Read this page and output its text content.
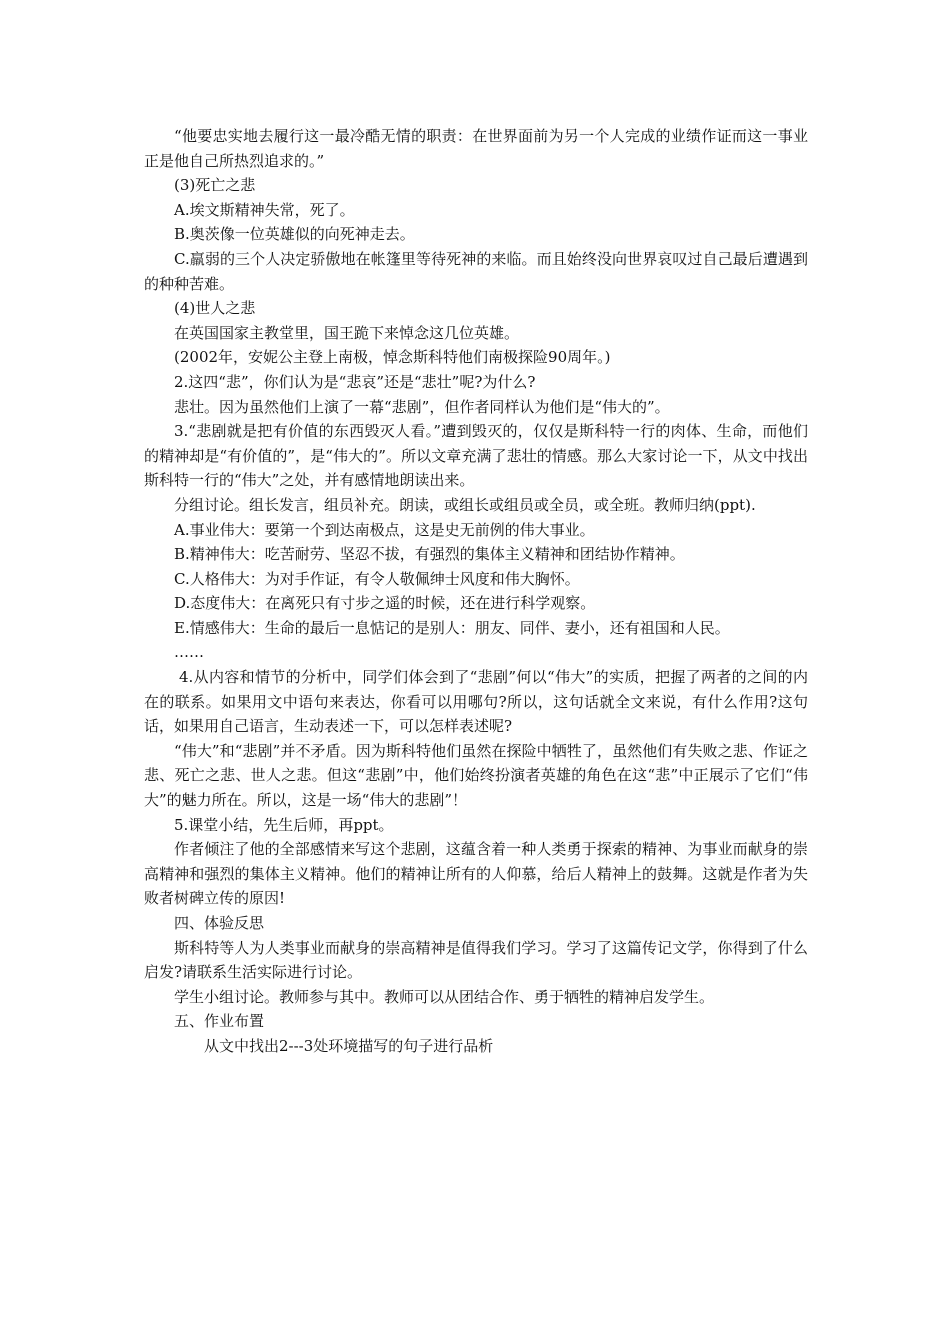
“他要忠实地去履行这一最冷酷无情的职责：在世界面前为另一个人完成的业绩作证而这一事业正是他自己所热烈追求的。”

(3)死亡之悲

A.埃文斯精神失常，死了。

B.奥茨像一位英雄似的向死神走去。

C.羸弱的三个人决定骄傲地在帐篷里等待死神的来临。而且始终没向世界哀叹过自己最后遭遇到的种种苦难。

(4)世人之悲

在英国国家主教堂里，国王跪下来悼念这几位英雄。

(2002年，安妮公主登上南极，悼念斯科特他们南极探险90周年。)

2.这四“悲”，你们认为是“悲哀”还是“悲壮”呢?为什么?

悲壮。因为虽然他们上演了一幕“悲剧”，但作者同样认为他们是“伟大的”。

3.“悲剧就是把有价值的东西毁灭人看。”遭到毁灭的，仅仅是斯科特一行的肉体、生命，而他们的精神却是“有价值的”，是“伟大的”。所以文章充满了悲壮的情感。那么大家讨论一下，从文中找出斯科特一行的“伟大”之处，并有感情地朗读出来。

分组讨论。组长发言，组员补充。朗读，或组长或组员或全员，或全班。教师归纳(ppt).

A.事业伟大：要第一个到达南极点，这是史无前例的伟大事业。

B.精神伟大：吃苦耐劳、坚忍不拔，有强烈的集体主义精神和团结协作精神。

C.人格伟大：为对手作证，有令人敬佩绅士风度和伟大胸怀。

D.态度伟大：在离死只有寸步之遥的时候，还在进行科学观察。

E.情感伟大：生命的最后一息惦记的是别人：朋友、同伴、妻小，还有祖国和人民。

……

4.从内容和情节的分析中，同学们体会到了“悲剧”何以“伟大”的实质，把握了两者的之间的内在的联系。如果用文中语句来表达，你看可以用哪句?所以，这句话就全文来说，有什么作用?这句话，如果用自己语言，生动表述一下，可以怎样表述呢?

“伟大”和“悲剧”并不矛盾。因为斯科特他们虽然在探险中牺牲了，虽然他们有失败之悲、作证之悲、死亡之悲、世人之悲。但这“悲剧”中，他们始终扮演者英雄的角色在这“悲”中正展示了它们“伟大”的魅力所在。所以，这是一场“伟大的悲剧”！

5.课堂小结，先生后师，再ppt。

作者倾注了他的全部感情来写这个悲剧，这蕴含着一种人类勇于探索的精神、为事业而献身的崇高精神和强烈的集体主义精神。他们的精神让所有的人仰慕，给后人精神上的鼓舞。这就是作者为失败者树碑立传的原因!

四、体验反思

斯科特等人为人类事业而献身的崇高精神是值得我们学习。学习了这篇传记文学，你得到了什么启发?请联系生活实际进行讨论。

学生小组讨论。教师参与其中。教师可以从团结合作、勇于牺牲的精神启发学生。

五、作业布置

从文中找出2---3处环境描写的句子进行品析
